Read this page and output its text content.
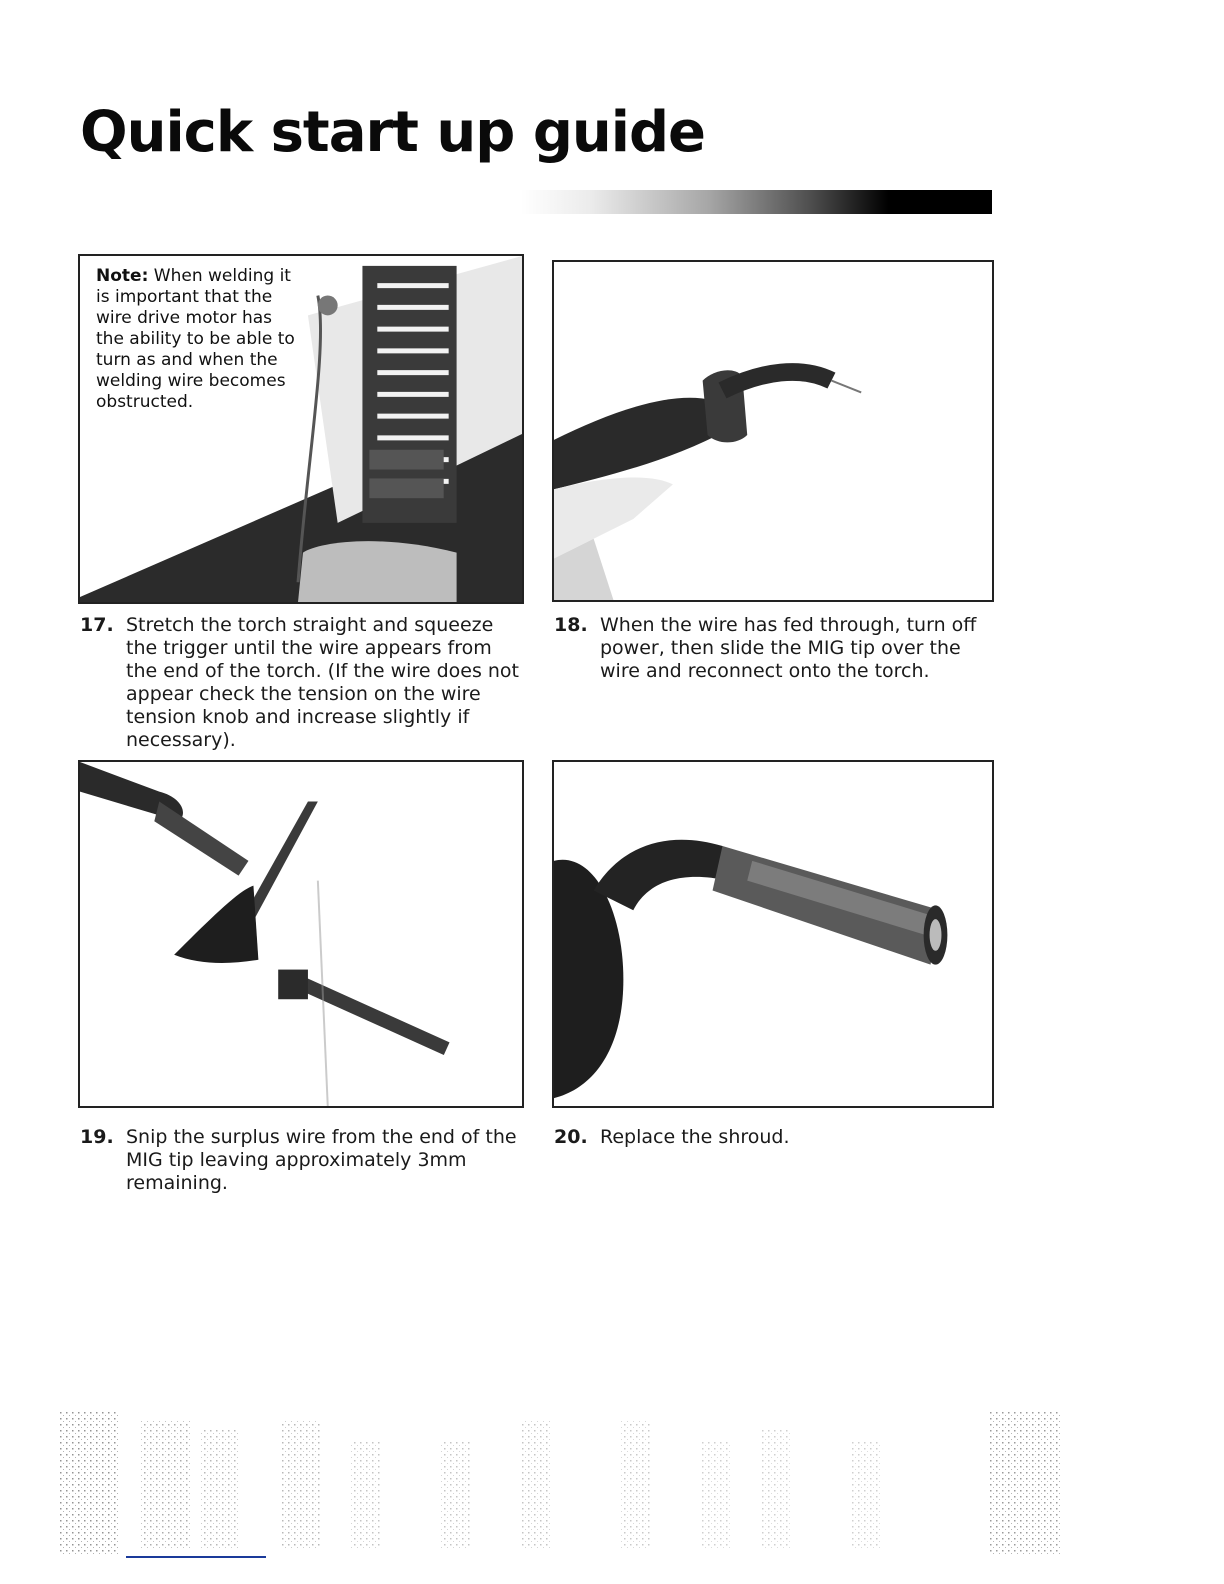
Quick start up guide
Note: When welding it is important that the wire drive motor has the ability to be able to turn as and when the welding wire becomes obstructed.
17. Stretch the torch straight and squeeze the trigger until the wire appears from the end of the torch. (If the wire does not appear check the tension on the wire tension knob and increase slightly if necessary).
18. When the wire has fed through, turn off power, then slide the MIG tip over the wire and reconnect onto the torch.
19. Snip the surplus wire from the end of the MIG tip leaving approximately 3mm remaining.
20. Replace the shroud.
